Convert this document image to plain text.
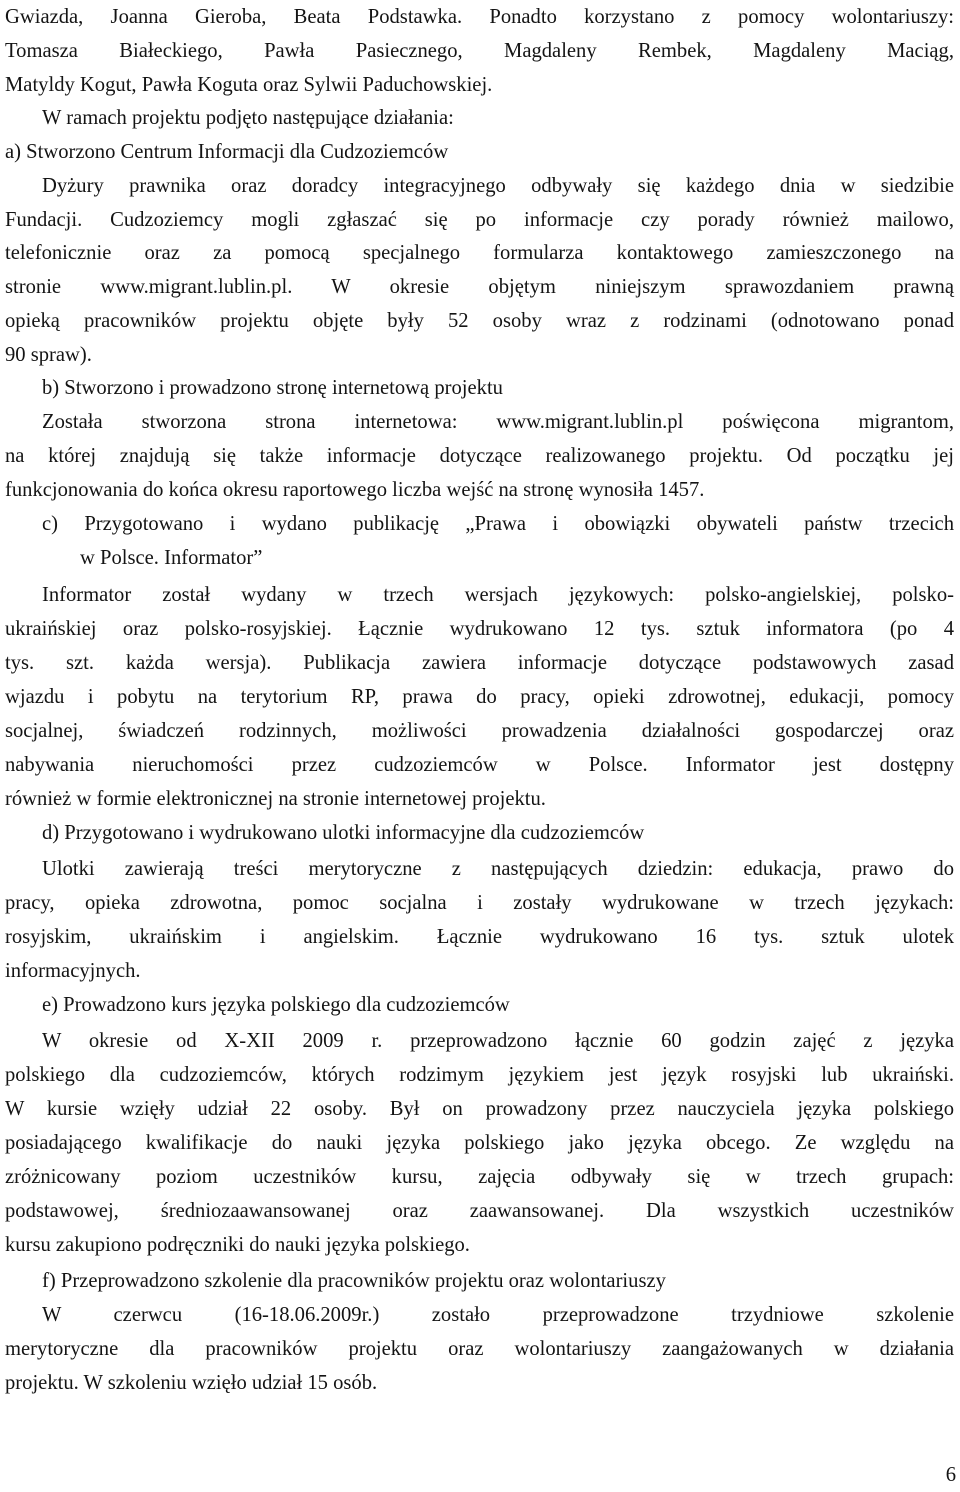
Gwiazda, Joanna Gieroba, Beata Podstawka. Ponadto korzystano z pomocy wolontariuszy:
Tomasza Białeckiego, Pawła Pasiecznego, Magdaleny Rembek, Magdaleny Maciąg,
Matyldy Kogut, Pawła Koguta oraz Sylwii Paduchowskiej.
W ramach projektu podjęto następujące działania:
a) Stworzono Centrum Informacji dla Cudzoziemców
Dyżury prawnika oraz doradcy integracyjnego odbywały się każdego dnia w siedzibie
Fundacji. Cudzoziemcy mogli zgłaszać się po informacje czy porady również mailowo,
telefonicznie oraz za pomocą specjalnego formularza kontaktowego zamieszczonego na
stronie www.migrant.lublin.pl. W okresie objętym niniejszym sprawozdaniem prawną
opieką pracowników projektu objęte były 52 osoby wraz z rodzinami (odnotowano ponad
90 spraw).
b) Stworzono i prowadzono stronę internetową projektu
Została stworzona strona internetowa: www.migrant.lublin.pl poświęcona migrantom,
na której znajdują się także informacje dotyczące realizowanego projektu. Od początku jej
funkcjonowania do końca okresu raportowego liczba wejść na stronę wynosiła 1457.
c) Przygotowano i wydano publikację „Prawa i obowiązki obywateli państw trzecich
w Polsce. Informator”
Informator został wydany w trzech wersjach językowych: polsko-angielskiej, polsko-
ukraińskiej oraz polsko-rosyjskiej. Łącznie wydrukowano 12 tys. sztuk informatora (po 4
tys. szt. każda wersja). Publikacja zawiera informacje dotyczące podstawowych zasad
wjazdu i pobytu na terytorium RP, prawa do pracy, opieki zdrowotnej, edukacji, pomocy
socjalnej, świadczeń rodzinnych, możliwości prowadzenia działalności gospodarczej oraz
nabywania nieruchomości przez cudzoziemców w Polsce. Informator jest dostępny
również w formie elektronicznej na stronie internetowej projektu.
d) Przygotowano i wydrukowano ulotki informacyjne dla cudzoziemców
Ulotki zawierają treści merytoryczne z następujących dziedzin: edukacja, prawo do
pracy, opieka zdrowotna, pomoc socjalna i zostały wydrukowane w trzech językach:
rosyjskim, ukraińskim i angielskim. Łącznie wydrukowano 16 tys. sztuk ulotek
informacyjnych.
e) Prowadzono kurs języka polskiego dla cudzoziemców
W okresie od X-XII 2009 r. przeprowadzono łącznie 60 godzin zajęć z języka
polskiego dla cudzoziemców, których rodzimym językiem jest język rosyjski lub ukraiński.
W kursie wzięły udział 22 osoby. Był on prowadzony przez nauczyciela języka polskiego
posiadającego kwalifikacje do nauki języka polskiego jako języka obcego. Ze względu na
zróżnicowany poziom uczestników kursu, zajęcia odbywały się w trzech grupach:
podstawowej, średniozaawansowanej oraz zaawansowanej. Dla wszystkich uczestników
kursu zakupiono podręczniki do nauki języka polskiego.
f) Przeprowadzono szkolenie dla pracowników projektu oraz wolontariuszy
W czerwcu (16-18.06.2009r.) zostało przeprowadzone trzydniowe szkolenie
merytoryczne dla pracowników projektu oraz wolontariuszy zaangażowanych w działania
projektu. W szkoleniu wzięło udział 15 osób.
6
